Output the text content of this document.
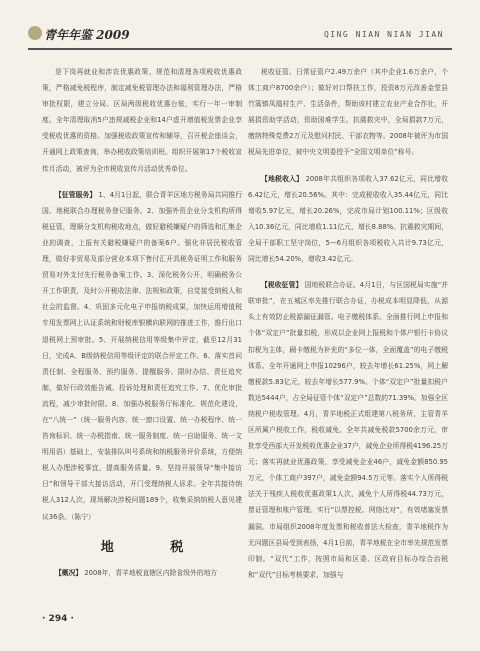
青年年鉴 2009	QING NIAN NIAN JIAN

是下岗再就业和涉农优惠政策、规范和清理各项税收优惠政策，严格减免税程序，制定减免税管理办法和福利管理办法，严格审批权限，建立分局、区局两级税收优惠台账，实行一年一审制度。全年清理取消5户违规减税企业和14户虚开增值税发票企业享受税收优惠的资格。加强税收政策宣传和辅导，召开税企座谈会，开通网上政策查询，举办税收政策培训班。组织开展第17个税收宣传月活动，被评为全市税收宣传月活动优秀单位。

【征管服务】 1、4月1日起，联合青羊区地方税务局共同推行国、地税联合办理税务登记服务。2、加强外资企业分支机构所得税征管，理顺分支机构税收地点，做好避税嫌疑户的筛选和汇集企业的调查，上报有关避税嫌疑户的备案6户。强化非居民税收管理，做好非贸易及部分营业本项下售付汇开具税务证明工作和服务贸易对外支付先行税务备案工作。3、深化税务公开，明确税务公开工作职责，及时公开税收法律、法规和政策，自觉接受纳税人和社会的监督。4、巩固多元化电子申报纳税成果，加快运用增值税专用发票网上认证系统和财税库银横向联网的推进工作，推行出口退税网上预审批。5、开展纳税信用等级集中评定，截至12月31日，完成A、B级纳税信用等级评定的联合评定工作。6、落实首问责任制、全程服务、预约服务、提醒服务、限时办结、责任追究制，做好行政效能告诫、投诉处理和责任追究工作。7、优化审批流程，减少审批时限。8、加强办税服务厅标准化、规范化建设，在“八统一”（统一服务内容、统一窗口设置、统一办税程序、统一咨询标识、统一办税指南、统一服务制度、统一自助服务、统一文明用语）基础上，安装排队叫号系统和纳税服务评价系统，方便纳税人办理涉税事宜，提高服务质量。9、坚持开展领导“集中接访日”和领导干部大接访活动，开门受理纳税人诉求。全年共接待纳税人312人次，现场解决涉税问题189个，收集采纳纳税人意见建议36条。（陈宁）

地 税

【概况】 2008年，青羊地税直辖区内除省级外的地方

税收征管。日常征管户2.49万余户（其中企业1.6万余户，个体工商户8700余户）；做好对口帮扶工作，投资8万元改善金堂县竹篙镇凤凰村生产、生活条件，帮助该村建立农业产业合作社，开展捐资助学活动，资助困难学生。抗震救灾中，全局捐款7万元，缴纳特殊党费2万元及慰问村民、干部衣物等。2008年被评为市国税局先进单位，被中央文明委授予“全国文明单位”称号。

【地税收入】 2008年共组织各项收入37.62亿元，同比增收6.42亿元，增长20.56%。其中：完成税收收入35.44亿元，同比增收5.97亿元，增长20.26%，完成市局计划100.11%；区级收入10.36亿元，同比增收1.11亿元，增长8.88%。抗震救灾期间，全局干部职工坚守岗位，5—6月组织各项税收入共计9.73亿元，同比增长54.20%，增收3.42亿元。

【税收征管】 国地税联合办证。4月1日，与区国税局实施“并联审批”，在五城区率先推行联合办证，办税成本明显降低，从源头上有效防止税源漏征漏管。电子缴税体系。全面推行网上申报和个体“双定户”批量扣税，形成以企业网上报税和个体户银行卡协议扣税为主体，刷卡缴税为补充的“多位一体，全面覆盖”的电子缴税体系。全年开通网上申报10296户，较去年增长61.25%，网上解缴税款5.83亿元，较去年增长577.9%。个体“双定户”批量扣税户数达5444户，占全局征管个体“双定户”总数的71.39%。加强全区纳税户税收管理。4月，青羊地税正式组建第八税务所，主管青羊区所属户税收工作，税收减免。全年共减免税款5700余万元，审批享受西部大开发税收优惠企业37户，减免企业所得税4196.25万元；落实再就业优惠政策，享受减免企业46户，减免金额850.95万元，个体工商户397户，减免金额94.5万元等。落实个人所得税法关于残疾人税收优惠政策1人次，减免个人所得税44.73万元，票证管理和账户管理。实行“以票控税、网络比对”，有效堵塞发票漏洞。市局组织2008年度发票和税收普法大检查，青羊地税作为无问题区县局受到表扬，4月1日前，青羊地税在全市率先规范发票印制。“双代”工作，按照市局和区委、区政府目标办综合治税和“双代”目标考核要求，加强与

· 294 ·
